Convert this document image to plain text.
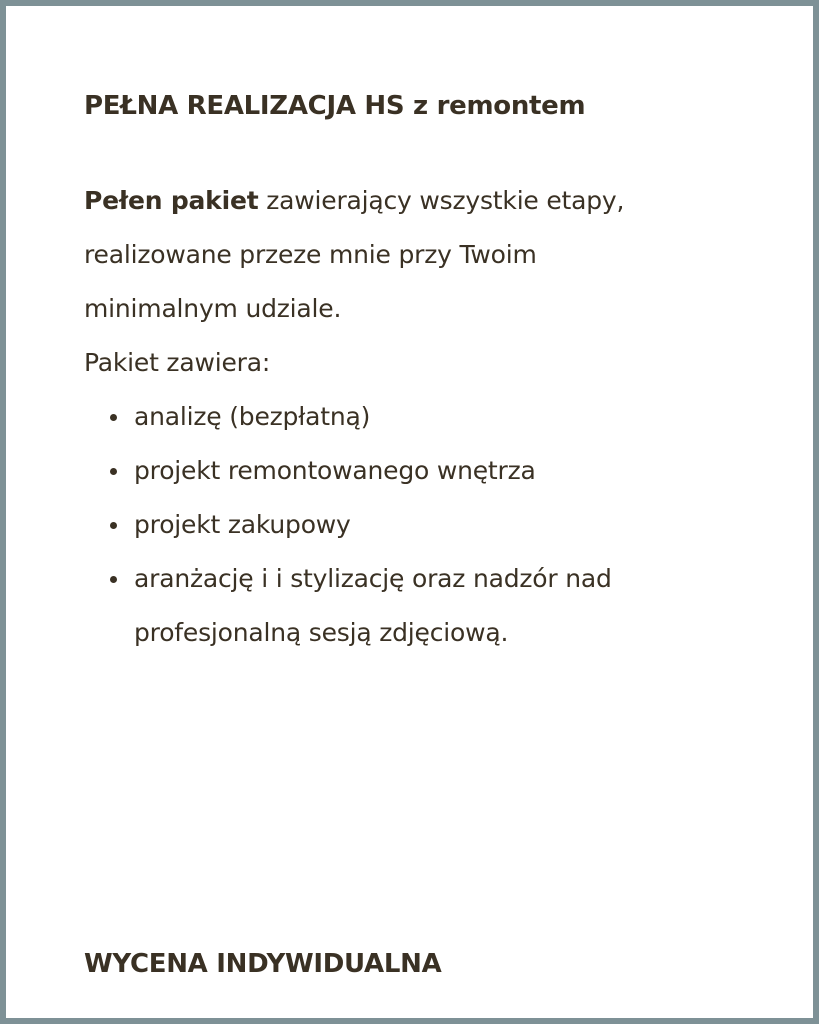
PEŁNA REALIZACJA HS z remontem

Pełen pakiet zawierający wszystkie etapy,

realizowane przeze mnie przy Twoim

minimalnym udziale.

Pakiet zawiera:

analizę (bezpłatną)
projekt remontowanego wnętrza
projekt zakupowy
aranżację i i stylizację oraz nadzór nad profesjonalną sesją zdjęciową.
WYCENA INDYWIDUALNA
